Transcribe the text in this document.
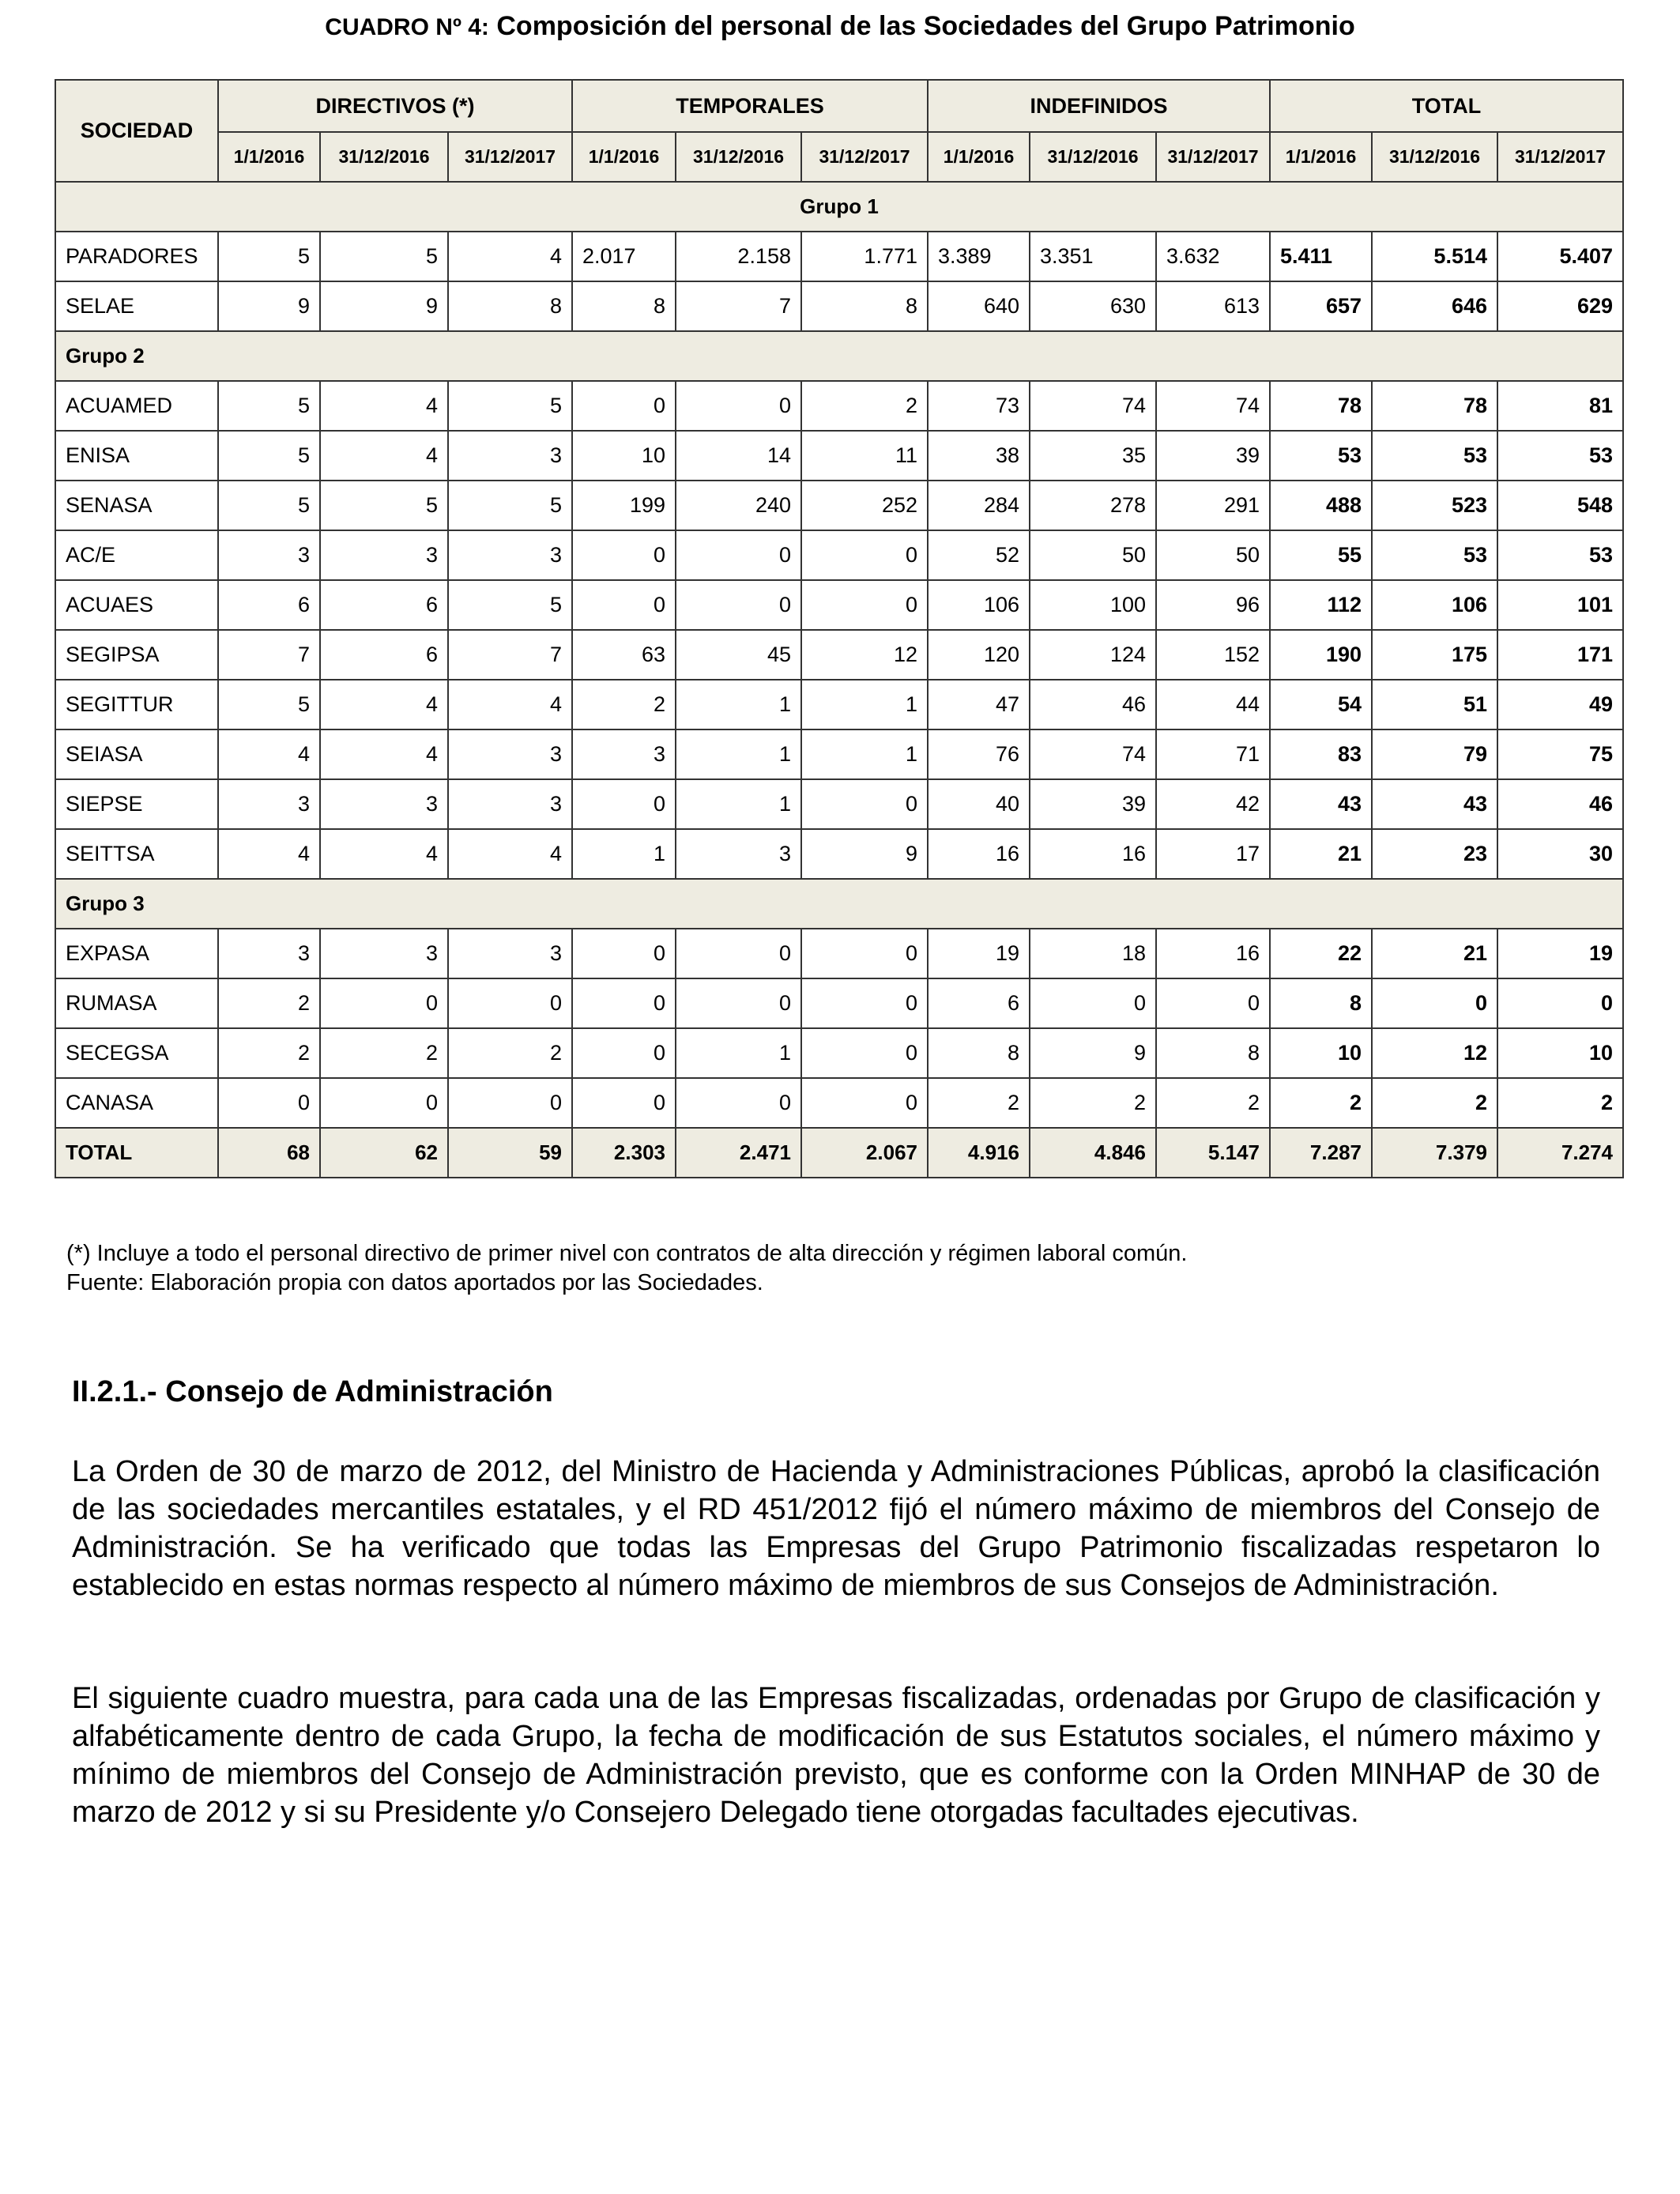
CUADRO Nº 4: Composición del personal de las Sociedades del Grupo Patrimonio
SOCIEDAD	DIRECTIVOS (*)			TEMPORALES			INDEFINIDOS			TOTAL		
	1/1/2016	31/12/2016	31/12/2017	1/1/2016	31/12/2016	31/12/2017	1/1/2016	31/12/2016	31/12/2017	1/1/2016	31/12/2016	31/12/2017
Grupo 1												
PARADORES	5	5	4	2.017	2.158	1.771	3.389	3.351	3.632	5.411	5.514	5.407
SELAE	9	9	8	8	7	8	640	630	613	657	646	629
Grupo 2												
ACUAMED	5	4	5	0	0	2	73	74	74	78	78	81
ENISA	5	4	3	10	14	11	38	35	39	53	53	53
SENASA	5	5	5	199	240	252	284	278	291	488	523	548
AC/E	3	3	3	0	0	0	52	50	50	55	53	53
ACUAES	6	6	5	0	0	0	106	100	96	112	106	101
SEGIPSA	7	6	7	63	45	12	120	124	152	190	175	171
SEGITTUR	5	4	4	2	1	1	47	46	44	54	51	49
SEIASA	4	4	3	3	1	1	76	74	71	83	79	75
SIEPSE	3	3	3	0	1	0	40	39	42	43	43	46
SEITTSA	4	4	4	1	3	9	16	16	17	21	23	30
Grupo 3												
EXPASA	3	3	3	0	0	0	19	18	16	22	21	19
RUMASA	2	0	0	0	0	0	6	0	0	8	0	0
SECEGSA	2	2	2	0	1	0	8	9	8	10	12	10
CANASA	0	0	0	0	0	0	2	2	2	2	2	2
TOTAL	68	62	59	2.303	2.471	2.067	4.916	4.846	5.147	7.287	7.379	7.274
(*) Incluye a todo el personal directivo de primer nivel con contratos de alta dirección y régimen laboral común.
Fuente: Elaboración propia con datos aportados por las Sociedades.
II.2.1.- Consejo de Administración
La Orden de 30 de marzo de 2012, del Ministro de Hacienda y Administraciones Públicas, aprobó la clasificación de las sociedades mercantiles estatales, y el RD 451/2012 fijó el número máximo de miembros del Consejo de Administración. Se ha verificado que todas las Empresas del Grupo Patrimonio fiscalizadas respetaron lo establecido en estas normas respecto al número máximo de miembros de sus Consejos de Administración.
El siguiente cuadro muestra, para cada una de las Empresas fiscalizadas, ordenadas por Grupo de clasificación y alfabéticamente dentro de cada Grupo, la fecha de modificación de sus Estatutos sociales, el número máximo y mínimo de miembros del Consejo de Administración previsto, que es conforme con la Orden MINHAP de 30 de marzo de 2012 y si su Presidente y/o Consejero Delegado tiene otorgadas facultades ejecutivas.
